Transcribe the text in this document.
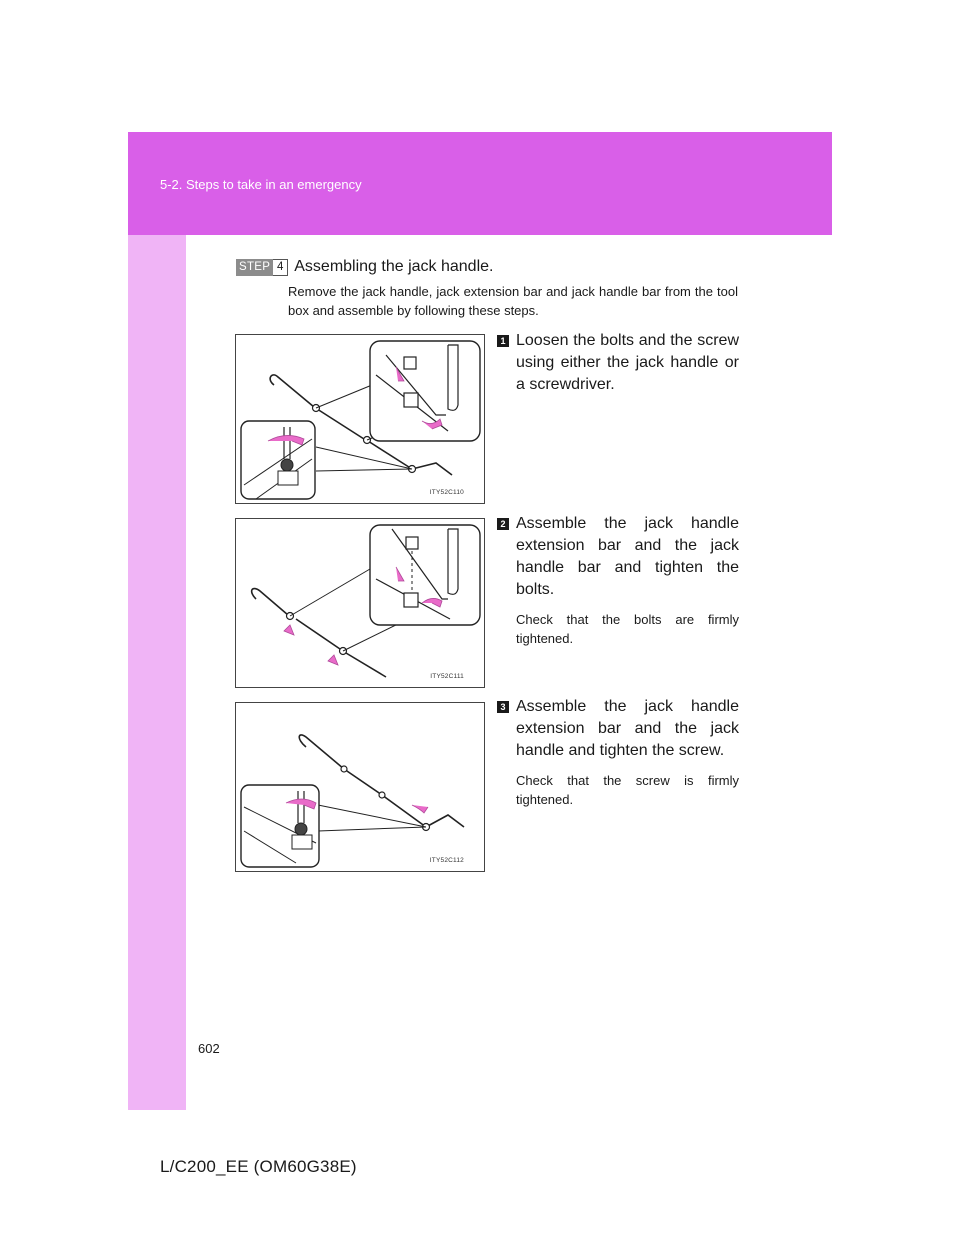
5-2. Steps to take in an emergency
STEP 4 Assembling the jack handle.

Remove the jack handle, jack extension bar and jack handle bar from the tool box and assemble by following these steps.

ITY52C110
1 Loosen the bolts and the screw using either the jack handle or a screwdriver.

ITY52C111
2 Assemble the jack handle extension bar and the jack handle bar and tighten the bolts.

Check that the bolts are firmly tightened.

ITY52C112
3 Assemble the jack handle extension bar and the jack handle and tighten the screw.

Check that the screw is firmly tightened.

602
L/C200_EE (OM60G38E)
